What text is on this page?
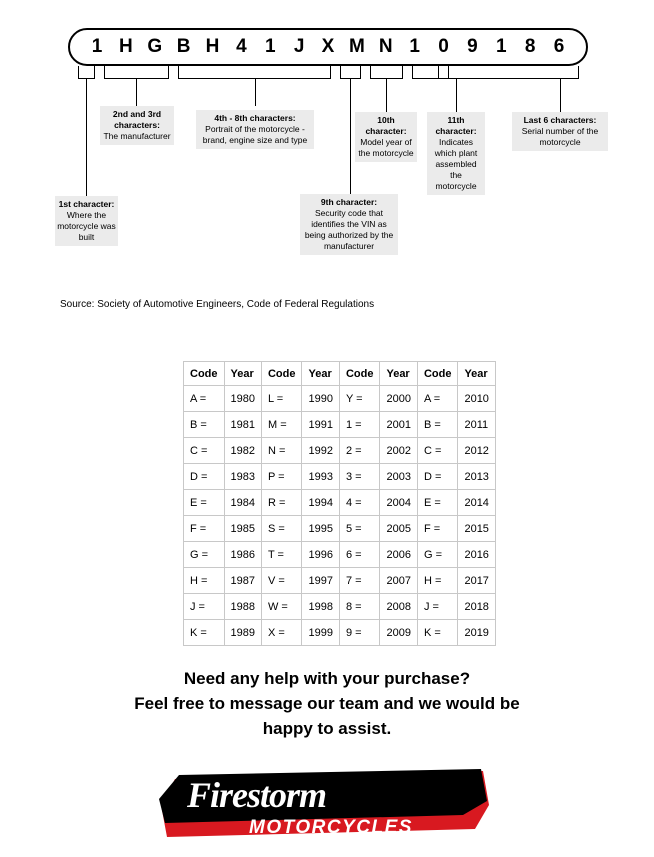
1 H G B H 4 1 J X M N 1 0 9 1 8 6
1st character:
Where the motorcycle was built
2nd and 3rd characters:
The manufacturer
4th - 8th characters:
Portrait of the motorcycle - brand, engine size and type
9th character:
Security code that identifies the VIN as being authorized by the manufacturer
10th character:
Model year of the motorcycle
11th character:
Indicates which plant assembled the motorcycle
Last 6 characters:
Serial number of the motorcycle
Source: Society of Automotive Engineers, Code of Federal Regulations
Code	Year	Code	Year	Code	Year	Code	Year
A =	1980	L =	1990	Y =	2000	A =	2010
B =	1981	M =	1991	1 =	2001	B =	2011
C =	1982	N =	1992	2 =	2002	C =	2012
D =	1983	P =	1993	3 =	2003	D =	2013
E =	1984	R =	1994	4 =	2004	E =	2014
F =	1985	S =	1995	5 =	2005	F =	2015
G =	1986	T =	1996	6 =	2006	G =	2016
H =	1987	V =	1997	7 =	2007	H =	2017
J =	1988	W =	1998	8 =	2008	J =	2018
K =	1989	X =	1999	9 =	2009	K =	2019
Need any help with your purchase?
Feel free to message our team and we would be
happy to assist.
Firestorm
MOTORCYCLES
